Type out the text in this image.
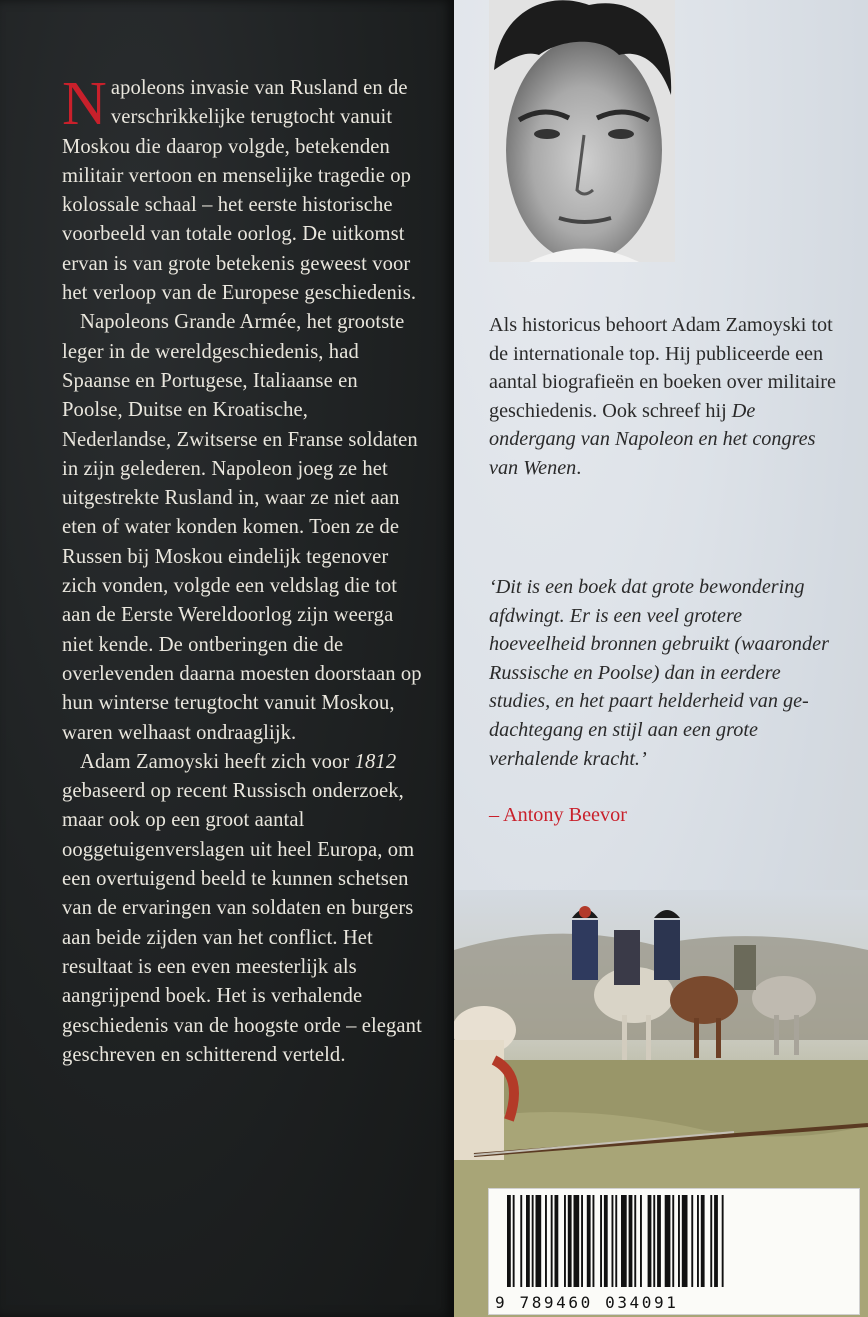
Napoleons invasie van Rusland en de verschrikkelijke terugtocht vanuit Moskou die daarop volgde, betekenden militair vertoon en menselijke tragedie op kolossale schaal – het eerste historische voorbeeld van totale oorlog. De uitkomst ervan is van grote betekenis geweest voor het verloop van de Europese geschiedenis.

Napoleons Grande Armée, het grootste leger in de wereldgeschiedenis, had Spaanse en Portugese, Italiaanse en Poolse, Duitse en Kroatische, Nederlandse, Zwitserse en Franse soldaten in zijn gelederen. Napoleon joeg ze het uitgestrekte Rusland in, waar ze niet aan eten of water konden komen. Toen ze de Russen bij Moskou eindelijk tegenover zich vonden, volgde een veldslag die tot aan de Eerste Wereldoorlog zijn weerga niet kende. De ontberingen die de overlevenden daarna moesten doorstaan op hun winterse terugtocht vanuit Moskou, waren welhaast ondraaglijk.

Adam Zamoyski heeft zich voor 1812 gebaseerd op recent Russisch onderzoek, maar ook op een groot aantal ooggetuigenverslagen uit heel Europa, om een overtuigend beeld te kunnen schetsen van de ervaringen van soldaten en burgers aan beide zijden van het conflict. Het resultaat is een even meesterlijk als aangrijpend boek. Het is verhalende geschiedenis van de hoogste orde – elegant geschreven en schitterend verteld.

Als historicus behoort Adam Zamoyski tot de internationale top. Hij publiceerde een aantal biografieën en boeken over militaire geschiedenis. Ook schreef hij De ondergang van Napoleon en het congres van Wenen.

‘Dit is een boek dat grote bewondering afdwingt. Er is een veel grotere hoeveelheid bronnen gebruikt (waaronder Russische en Poolse) dan in eerdere studies, en het paart helderheid van gedachtegang en stijl aan een grote verhalende kracht.’

– Antony Beevor
9 789460 034091
